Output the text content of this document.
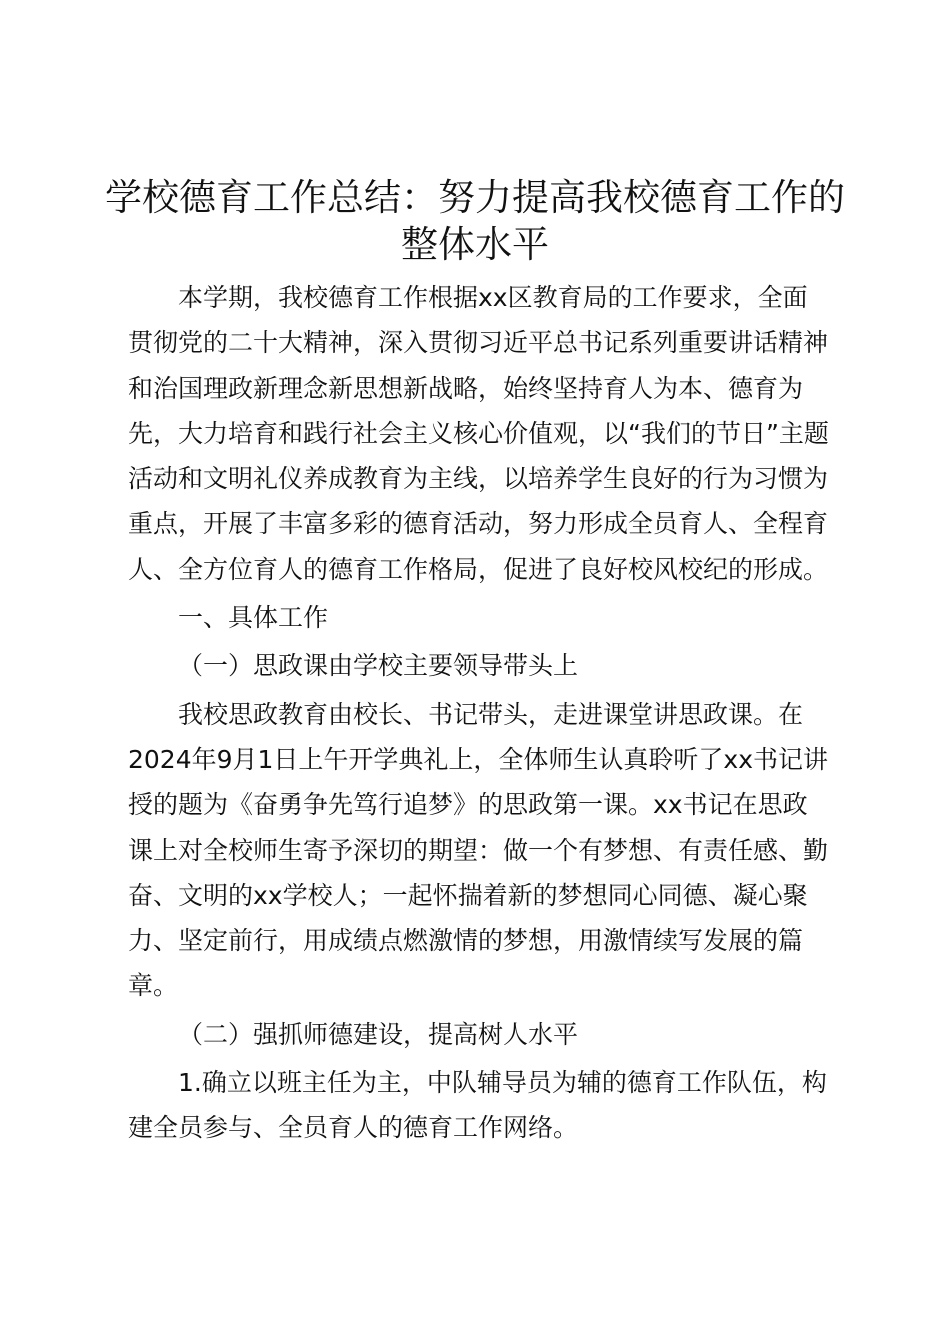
学校德育工作总结：努力提高我校德育工作的
整体水平

本学期，我校德育工作根据xx区教育局的工作要求，全面贯彻党的二十大精神，深入贯彻习近平总书记系列重要讲话精神和治国理政新理念新思想新战略，始终坚持育人为本、德育为先，大力培育和践行社会主义核心价值观，以“我们的节日”主题活动和文明礼仪养成教育为主线，以培养学生良好的行为习惯为重点，开展了丰富多彩的德育活动，努力形成全员育人、全程育人、全方位育人的德育工作格局，促进了良好校风校纪的形成。

一、具体工作

（一）思政课由学校主要领导带头上

我校思政教育由校长、书记带头，走进课堂讲思政课。在2024年9月1日上午开学典礼上，全体师生认真聆听了xx书记讲授的题为《奋勇争先笃行追梦》的思政第一课。xx书记在思政课上对全校师生寄予深切的期望：做一个有梦想、有责任感、勤奋、文明的xx学校人；一起怀揣着新的梦想同心同德、凝心聚力、坚定前行，用成绩点燃激情的梦想，用激情续写发展的篇章。

（二）强抓师德建设，提高树人水平

1.确立以班主任为主，中队辅导员为辅的德育工作队伍，构建全员参与、全员育人的德育工作网络。
